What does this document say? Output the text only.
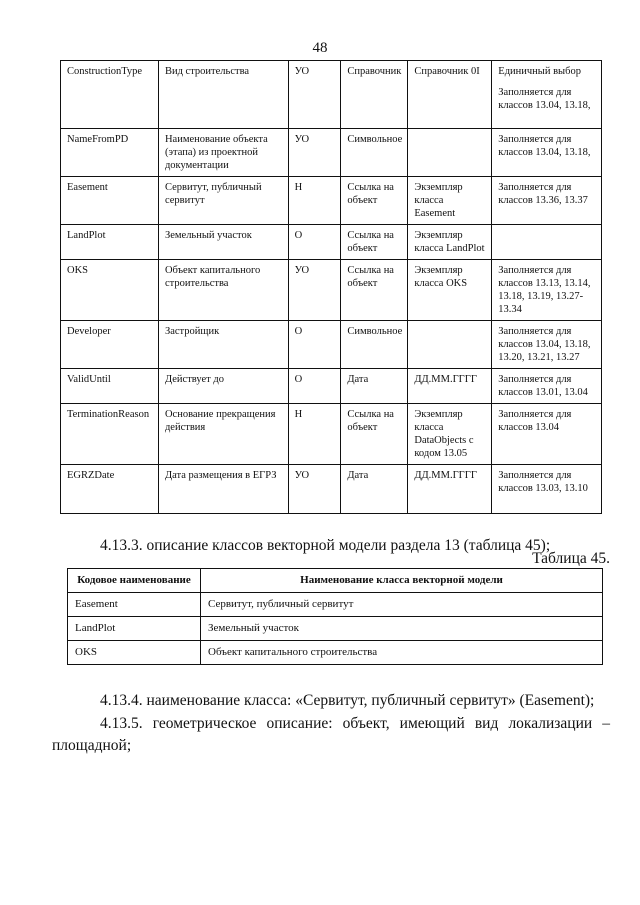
48
ConstructionType	Вид строительства	УО	Справочник	Справочник 0I	Единичный выбор
Заполняется для классов 13.04, 13.18,

NameFromPD	Наименование объекта (этапа) из проектной документации	УО	Символьное		Заполняется для классов 13.04, 13.18,
Easement	Сервитут, публичный сервитут	Н	Ссылка на объект	Экземпляр класса Easement	Заполняется для классов 13.36, 13.37
LandPlot	Земельный участок	О	Ссылка на объект	Экземпляр класса LandPlot	
OKS	Объект капитального строительства	УО	Ссылка на объект	Экземпляр класса OKS	Заполняется для классов 13.13, 13.14, 13.18, 13.19, 13.27-13.34
Developer	Застройщик	О	Символьное		Заполняется для классов 13.04, 13.18, 13.20, 13.21, 13.27
ValidUntil	Действует до	О	Дата	ДД.ММ.ГГГГ	Заполняется для классов 13.01, 13.04
TerminationReason	Основание прекращения действия	Н	Ссылка на объект	Экземпляр класса DataObjects с кодом 13.05	Заполняется для классов 13.04
EGRZDate	Дата размещения в ЕГРЗ	УО	Дата	ДД.ММ.ГГГГ	Заполняется для классов 13.03, 13.10
4.13.3. описание классов векторной модели раздела 13 (таблица 45);
Таблица 45.
Кодовое наименование	Наименование класса векторной модели
Easement	Сервитут, публичный сервитут
LandPlot	Земельный участок
OKS	Объект капитального строительства
4.13.4. наименование класса: «Сервитут, публичный сервитут» (Easement);
4.13.5. геометрическое описание: объект, имеющий вид локализации –
площадной;
